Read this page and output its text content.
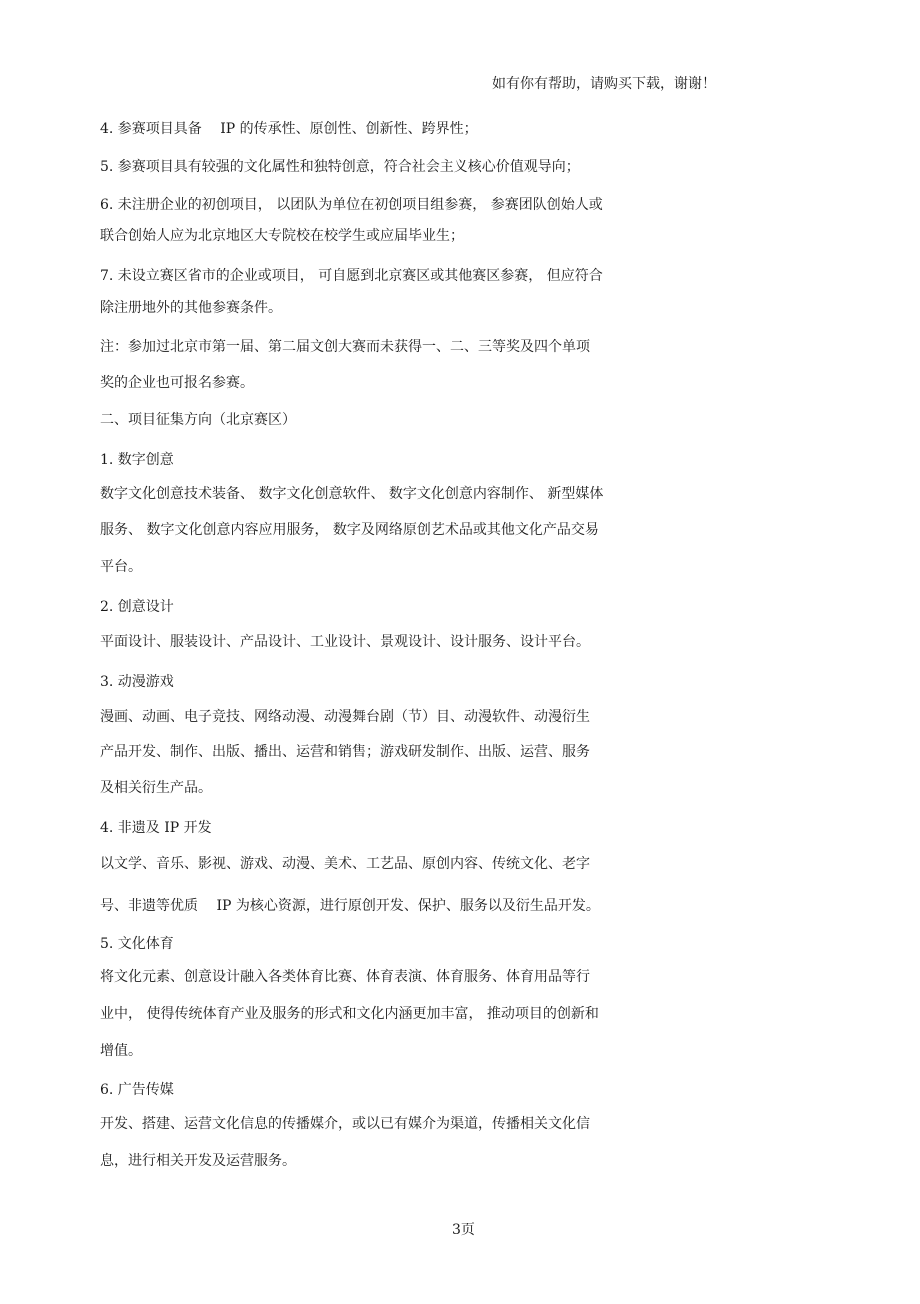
如有你有帮助，请购买下载，谢谢！

4. 参赛项目具备　 IP 的传承性、原创性、创新性、跨界性；

5. 参赛项目具有较强的文化属性和独特创意，符合社会主义核心价值观导向；

6. 未注册企业的初创项目， 以团队为单位在初创项目组参赛， 参赛团队创始人或

联合创始人应为北京地区大专院校在校学生或应届毕业生；

7. 未设立赛区省市的企业或项目， 可自愿到北京赛区或其他赛区参赛， 但应符合

除注册地外的其他参赛条件。

注：参加过北京市第一届、第二届文创大赛而未获得一、二、三等奖及四个单项

奖的企业也可报名参赛。

二、项目征集方向（北京赛区）

1. 数字创意

数字文化创意技术装备、 数字文化创意软件、 数字文化创意内容制作、 新型媒体

服务、 数字文化创意内容应用服务， 数字及网络原创艺术品或其他文化产品交易

平台。

2. 创意设计

平面设计、服装设计、产品设计、工业设计、景观设计、设计服务、设计平台。

3. 动漫游戏

漫画、动画、电子竞技、网络动漫、动漫舞台剧（节）目、动漫软件、动漫衍生

产品开发、制作、出版、播出、运营和销售；游戏研发制作、出版、运营、服务

及相关衍生产品。

4. 非遗及 IP 开发

以文学、音乐、影视、游戏、动漫、美术、工艺品、原创内容、传统文化、老字

号、非遗等优质　 IP 为核心资源，进行原创开发、保护、服务以及衍生品开发。

5. 文化体育

将文化元素、创意设计融入各类体育比赛、体育表演、体育服务、体育用品等行

业中， 使得传统体育产业及服务的形式和文化内涵更加丰富， 推动项目的创新和

增值。

6. 广告传媒

开发、搭建、运营文化信息的传播媒介，或以已有媒介为渠道，传播相关文化信

息，进行相关开发及运营服务。

3页
